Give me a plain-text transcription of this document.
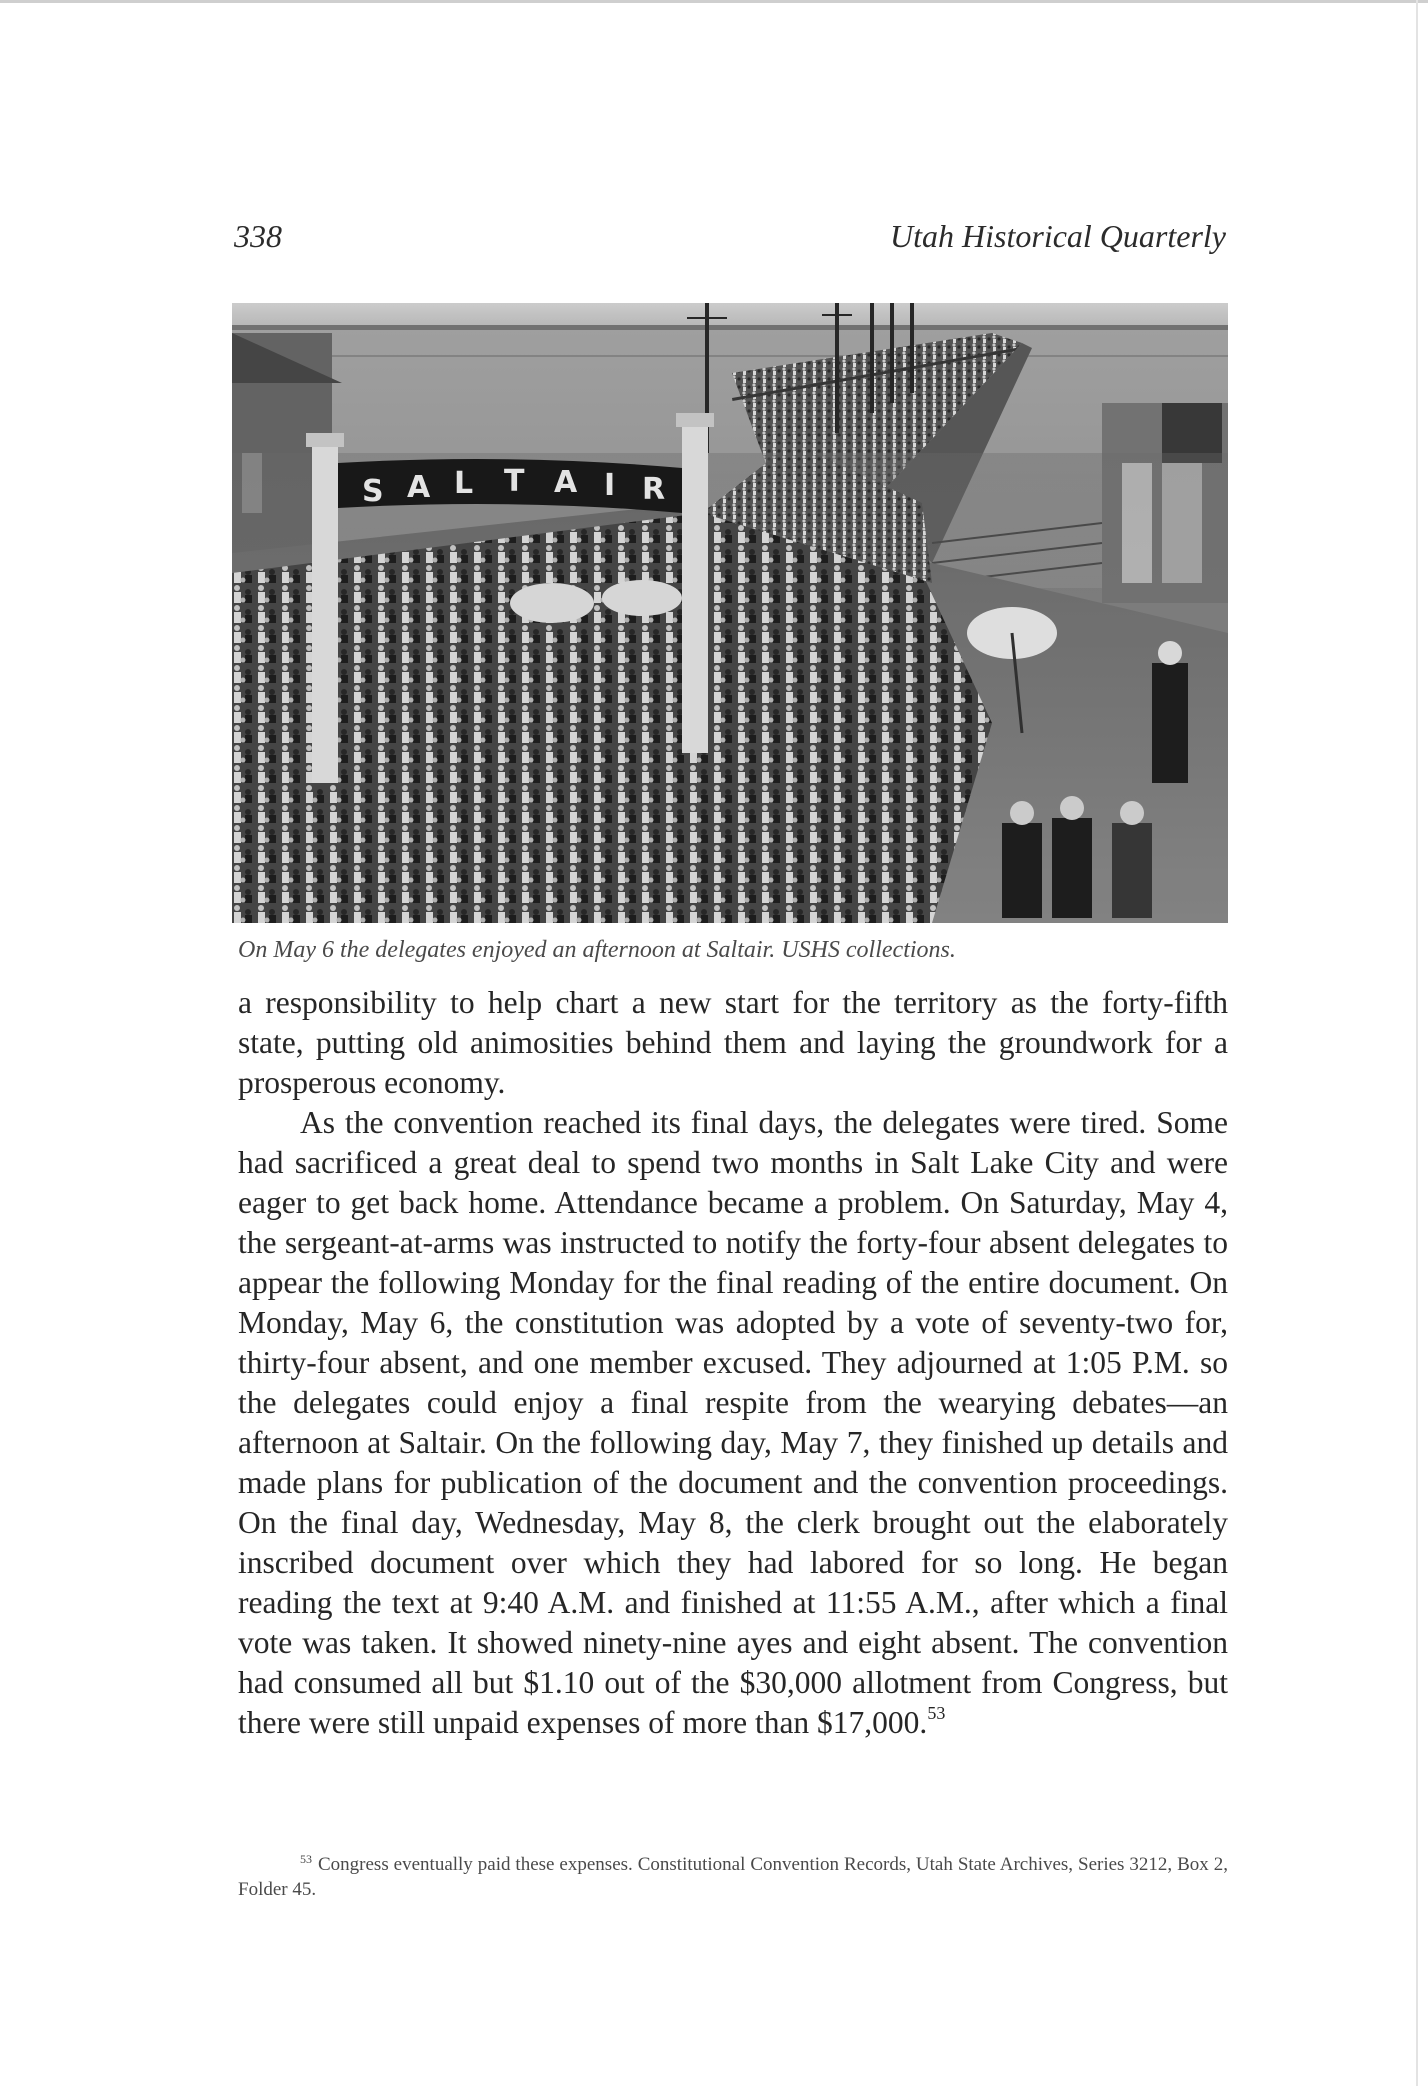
338	Utah Historical Quarterly
S A L T A I R
On May 6 the delegates enjoyed an afternoon at Saltair. USHS collections.

a responsibility to help chart a new start for the territory as the forty-fifth state, putting old animosities behind them and laying the groundwork for a prosperous economy.

As the convention reached its final days, the delegates were tired. Some had sacrificed a great deal to spend two months in Salt Lake City and were eager to get back home. Attendance became a problem. On Saturday, May 4, the sergeant-at-arms was instructed to notify the forty-four absent delegates to appear the following Monday for the final reading of the entire document. On Monday, May 6, the constitution was adopted by a vote of seventy-two for, thirty-four absent, and one member excused. They adjourned at 1:05 P.M. so the delegates could enjoy a final respite from the wearying debates—an afternoon at Saltair. On the following day, May 7, they finished up details and made plans for publication of the document and the convention proceedings. On the final day, Wednesday, May 8, the clerk brought out the elaborately inscribed document over which they had labored for so long. He began reading the text at 9:40 A.M. and finished at 11:55 A.M., after which a final vote was taken. It showed ninety-nine ayes and eight absent. The convention had consumed all but $1.10 out of the $30,000 allotment from Congress, but there were still unpaid expenses of more than $17,000.53

$^{53}$ Congress eventually paid these expenses. Constitutional Convention Records, Utah State Archives, Series 3212, Box 2, Folder 45.
